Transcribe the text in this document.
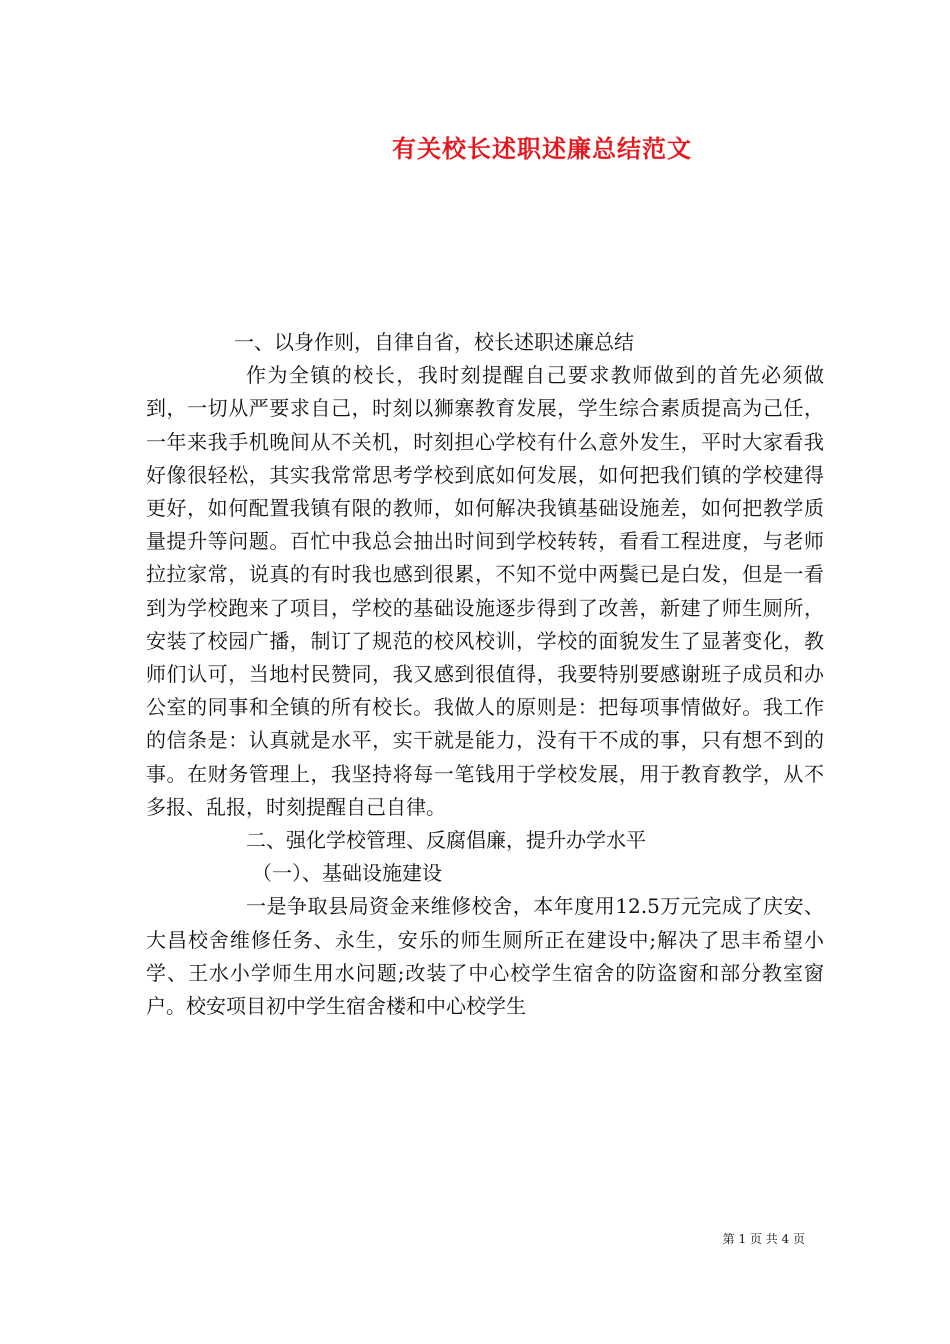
有关校长述职述廉总结范文

一、以身作则，自律自省，校长述职述廉总结

作为全镇的校长，我时刻提醒自己要求教师做到的首先必须做到，一切从严要求自己，时刻以狮寨教育发展，学生综合素质提高为己任，一年来我手机晚间从不关机，时刻担心学校有什么意外发生，平时大家看我好像很轻松，其实我常常思考学校到底如何发展，如何把我们镇的学校建得更好，如何配置我镇有限的教师，如何解决我镇基础设施差，如何把教学质量提升等问题。百忙中我总会抽出时间到学校转转，看看工程进度，与老师拉拉家常，说真的有时我也感到很累，不知不觉中两鬓已是白发，但是一看到为学校跑来了项目，学校的基础设施逐步得到了改善，新建了师生厕所，安装了校园广播，制订了规范的校风校训，学校的面貌发生了显著变化，教师们认可，当地村民赞同，我又感到很值得，我要特别要感谢班子成员和办公室的同事和全镇的所有校长。我做人的原则是：把每项事情做好。我工作的信条是：认真就是水平，实干就是能力，没有干不成的事，只有想不到的事。在财务管理上，我坚持将每一笔钱用于学校发展，用于教育教学，从不多报、乱报，时刻提醒自己自律。

二、强化学校管理、反腐倡廉，提升办学水平

（一）、基础设施建设

一是争取县局资金来维修校舍，本年度用12.5万元完成了庆安、大昌校舍维修任务、永生，安乐的师生厕所正在建设中;解决了思丰希望小学、王水小学师生用水问题;改装了中心校学生宿舍的防盗窗和部分教室窗户。校安项目初中学生宿舍楼和中心校学生

第 1 页 共 4 页
